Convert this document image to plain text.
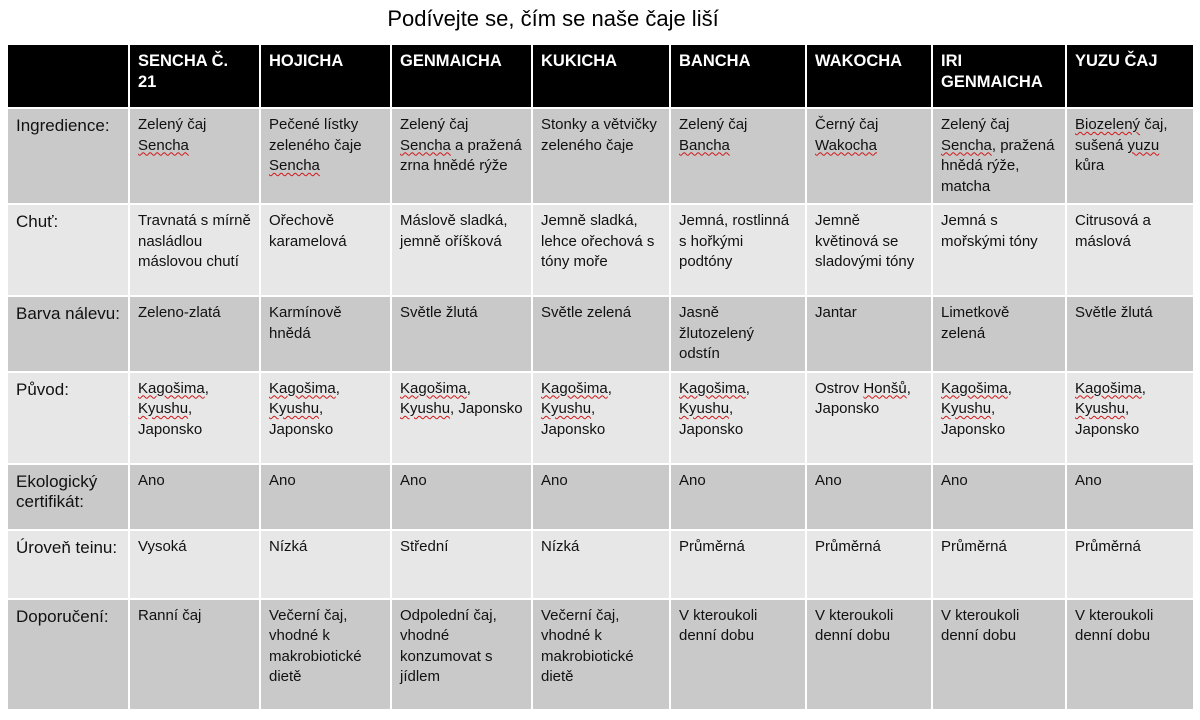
Podívejte se, čím se naše čaje liší
	SENCHA Č. 21	HOJICHA	GENMAICHA	KUKICHA	BANCHA	WAKOCHA	IRI GENMAICHA	YUZU ČAJ
Ingredience:	Zelený čaj Sencha	Pečené lístky zeleného čaje Sencha	Zelený čaj Sencha a pražená zrna hnědé rýže	Stonky a větvičky zeleného čaje	Zelený čaj Bancha	Černý čaj Wakocha	Zelený čaj Sencha, pražená hnědá rýže, matcha	Biozelený čaj, sušená yuzu kůra
Chuť:	Travnatá s mírně nasládlou máslovou chutí	Ořechově karamelová	Máslově sladká, jemně oříšková	Jemně sladká, lehce ořechová s tóny moře	Jemná, rostlinná s hořkými podtóny	Jemně květinová se sladovými tóny	Jemná s mořskými tóny	Citrusová a máslová
Barva nálevu:	Zeleno-zlatá	Karmínově hnědá	Světle žlutá	Světle zelená	Jasně žlutozelený odstín	Jantar	Limetkově zelená	Světle žlutá
Původ:	Kagošima, Kyushu, Japonsko	Kagošima, Kyushu, Japonsko	Kagošima, Kyushu, Japonsko	Kagošima, Kyushu, Japonsko	Kagošima, Kyushu, Japonsko	Ostrov Honšů, Japonsko	Kagošima, Kyushu, Japonsko	Kagošima, Kyushu, Japonsko
Ekologický certifikát:	Ano	Ano	Ano	Ano	Ano	Ano	Ano	Ano
Úroveň teinu:	Vysoká	Nízká	Střední	Nízká	Průměrná	Průměrná	Průměrná	Průměrná
Doporučení:	Ranní čaj	Večerní čaj, vhodné k makrobiotické dietě	Odpolední čaj, vhodné konzumovat s jídlem	Večerní čaj, vhodné k makrobiotické dietě	V kteroukoli denní dobu	V kteroukoli denní dobu	V kteroukoli denní dobu	V kteroukoli denní dobu
